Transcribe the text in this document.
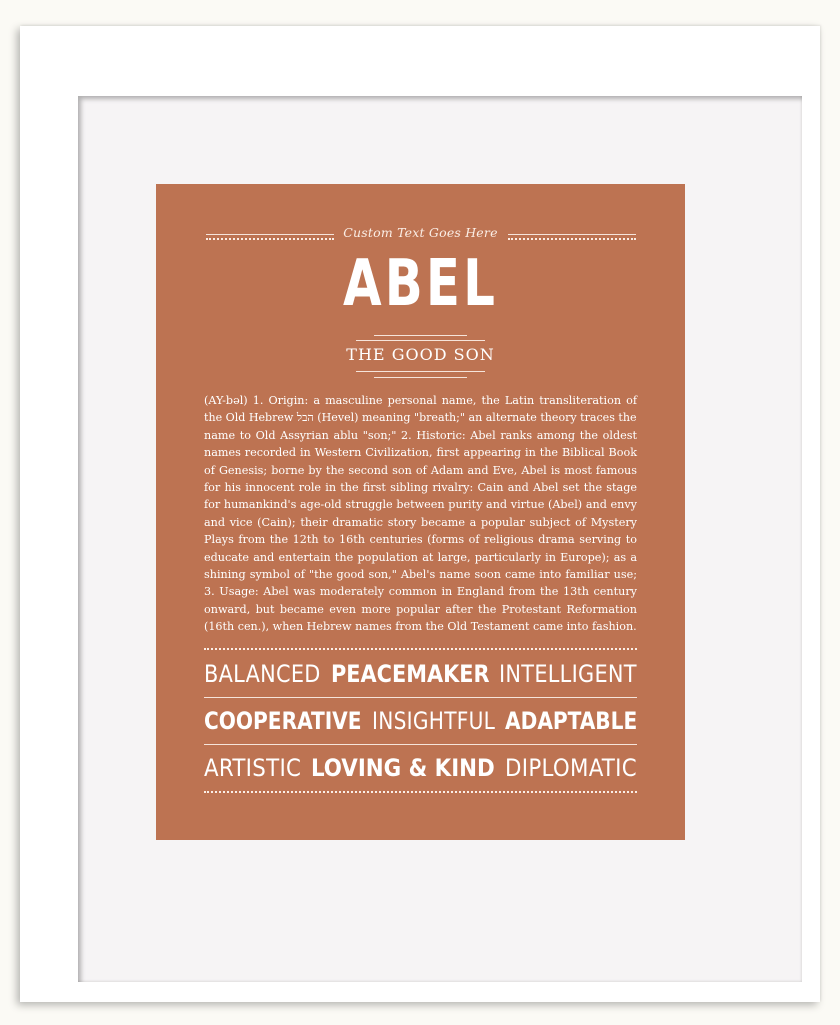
Custom Text Goes Here
ABEL
THE GOOD SON
(AY-bəl) 1. Origin: a masculine personal name, the Latin transliteration of
the Old Hebrew הבל (Hevel) meaning "breath;" an alternate theory traces the
name to Old Assyrian ablu "son;" 2. Historic: Abel ranks among the oldest
names recorded in Western Civilization, first appearing in the Biblical Book
of Genesis; borne by the second son of Adam and Eve, Abel is most famous
for his innocent role in the first sibling rivalry: Cain and Abel set the stage
for humankind's age-old struggle between purity and virtue (Abel) and envy
and vice (Cain); their dramatic story became a popular subject of Mystery
Plays from the 12th to 16th centuries (forms of religious drama serving to
educate and entertain the population at large, particularly in Europe); as a
shining symbol of "the good son," Abel's name soon came into familiar use;
3. Usage: Abel was moderately common in England from the 13th century
onward, but became even more popular after the Protestant Reformation
(16th cen.), when Hebrew names from the Old Testament came into fashion.
BALANCED PEACEMAKER INTELLIGENT
COOPERATIVE INSIGHTFUL ADAPTABLE
ARTISTIC LOVING & KIND DIPLOMATIC
